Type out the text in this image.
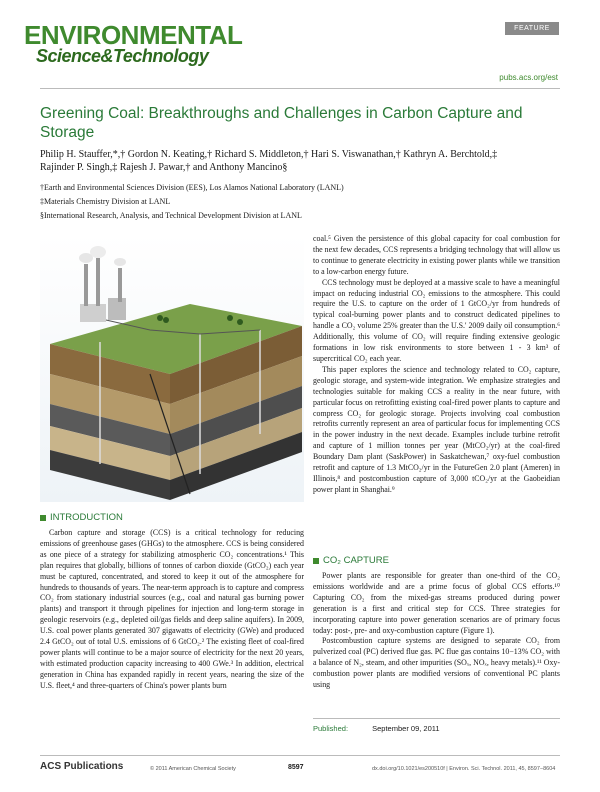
ENVIRONMENTAL
Science&Technology
FEATURE
pubs.acs.org/est
Greening Coal: Breakthroughs and Challenges in Carbon Capture and Storage
Philip H. Stauffer,*,† Gordon N. Keating,† Richard S. Middleton,† Hari S. Viswanathan,† Kathryn A. Berchtold,‡
Rajinder P. Singh,‡ Rajesh J. Pawar,† and Anthony Mancino§
†Earth and Environmental Sciences Division (EES), Los Alamos National Laboratory (LANL)
‡Materials Chemistry Division at LANL
§International Research, Analysis, and Technical Development Division at LANL
INTRODUCTION

Carbon capture and storage (CCS) is a critical technology for reducing emissions of greenhouse gases (GHGs) to the atmosphere. CCS is being considered as one piece of a strategy for stabilizing atmospheric CO₂ concentrations.¹ This plan requires that globally, billions of tonnes of carbon dioxide (GtCO₂) each year must be captured, concentrated, and stored to keep it out of the atmosphere for hundreds to thousands of years. The near-term approach is to capture and compress CO₂ from stationary industrial sources (e.g., coal and natural gas burning power plants) and transport it through pipelines for injection and long-term storage in geologic reservoirs (e.g., depleted oil/gas fields and deep saline aquifers). In 2009, U.S. coal power plants generated 307 gigawatts of electricity (GWe) and produced 2.4 GtCO₂ out of total U.S. emissions of 6 GtCO₂.² The existing fleet of coal-fired power plants will continue to be a major source of electricity for the next 20 years, with estimated production capacity increasing to 400 GWe.³ In addition, electrical generation in China has expanded rapidly in recent years, nearing the size of the U.S. fleet,⁴ and three-quarters of China's power plants burn

coal.⁵ Given the persistence of this global capacity for coal combustion for the next few decades, CCS represents a bridging technology that will allow us to continue to generate electricity in existing power plants while we transition to a low-carbon energy future.

CCS technology must be deployed at a massive scale to have a meaningful impact on reducing industrial CO₂ emissions to the atmosphere. This could require the U.S. to capture on the order of 1 GtCO₂/yr from hundreds of typical coal-burning power plants and to construct dedicated pipelines to handle a CO₂ volume 25% greater than the U.S.' 2009 daily oil consumption.⁶ Additionally, this volume of CO₂ will require finding extensive geologic formations in low risk environments to store between 1 - 3 km³ of supercritical CO₂ each year.

This paper explores the science and technology related to CO₂ capture, geologic storage, and system-wide integration. We emphasize strategies and technologies suitable for making CCS a reality in the near future, with particular focus on retrofitting existing coal-fired power plants to capture and compress CO₂ for geologic storage. Projects involving coal combustion retrofits currently represent an area of particular focus for implementing CCS in the power industry in the next decade. Examples include turbine retrofit and capture of 1 million tonnes per year (MtCO₂/yr) at the coal-fired Boundary Dam plant (SaskPower) in Saskatchewan,⁷ oxy-fuel combustion retrofit and capture of 1.3 MtCO₂/yr in the FutureGen 2.0 plant (Ameren) in Illinois,⁸ and postcombustion capture of 3,000 tCO₂/yr at the Gaobeidian power plant in Shanghai.⁹

CO₂ CAPTURE

Power plants are responsible for greater than one-third of the CO₂ emissions worldwide and are a prime focus of global CCS efforts.¹⁰ Capturing CO₂ from the mixed-gas streams produced during power generation is a first and critical step for CCS. Three strategies for incorporating capture into power generation scenarios are of primary focus today: post-, pre- and oxy-combustion capture (Figure 1).

Postcombustion capture systems are designed to separate CO₂ from pulverized coal (PC) derived flue gas. PC flue gas contains 10−13% CO₂ with a balance of N₂, steam, and other impurities (SOₓ, NOₓ, heavy metals).¹¹ Oxy-combustion power plants are modified versions of conventional PC plants using

Published:	September 09, 2011
ACS Publications	© 2011 American Chemical Society	8597	dx.doi.org/10.1021/es200510f | Environ. Sci. Technol. 2011, 45, 8597−8604
